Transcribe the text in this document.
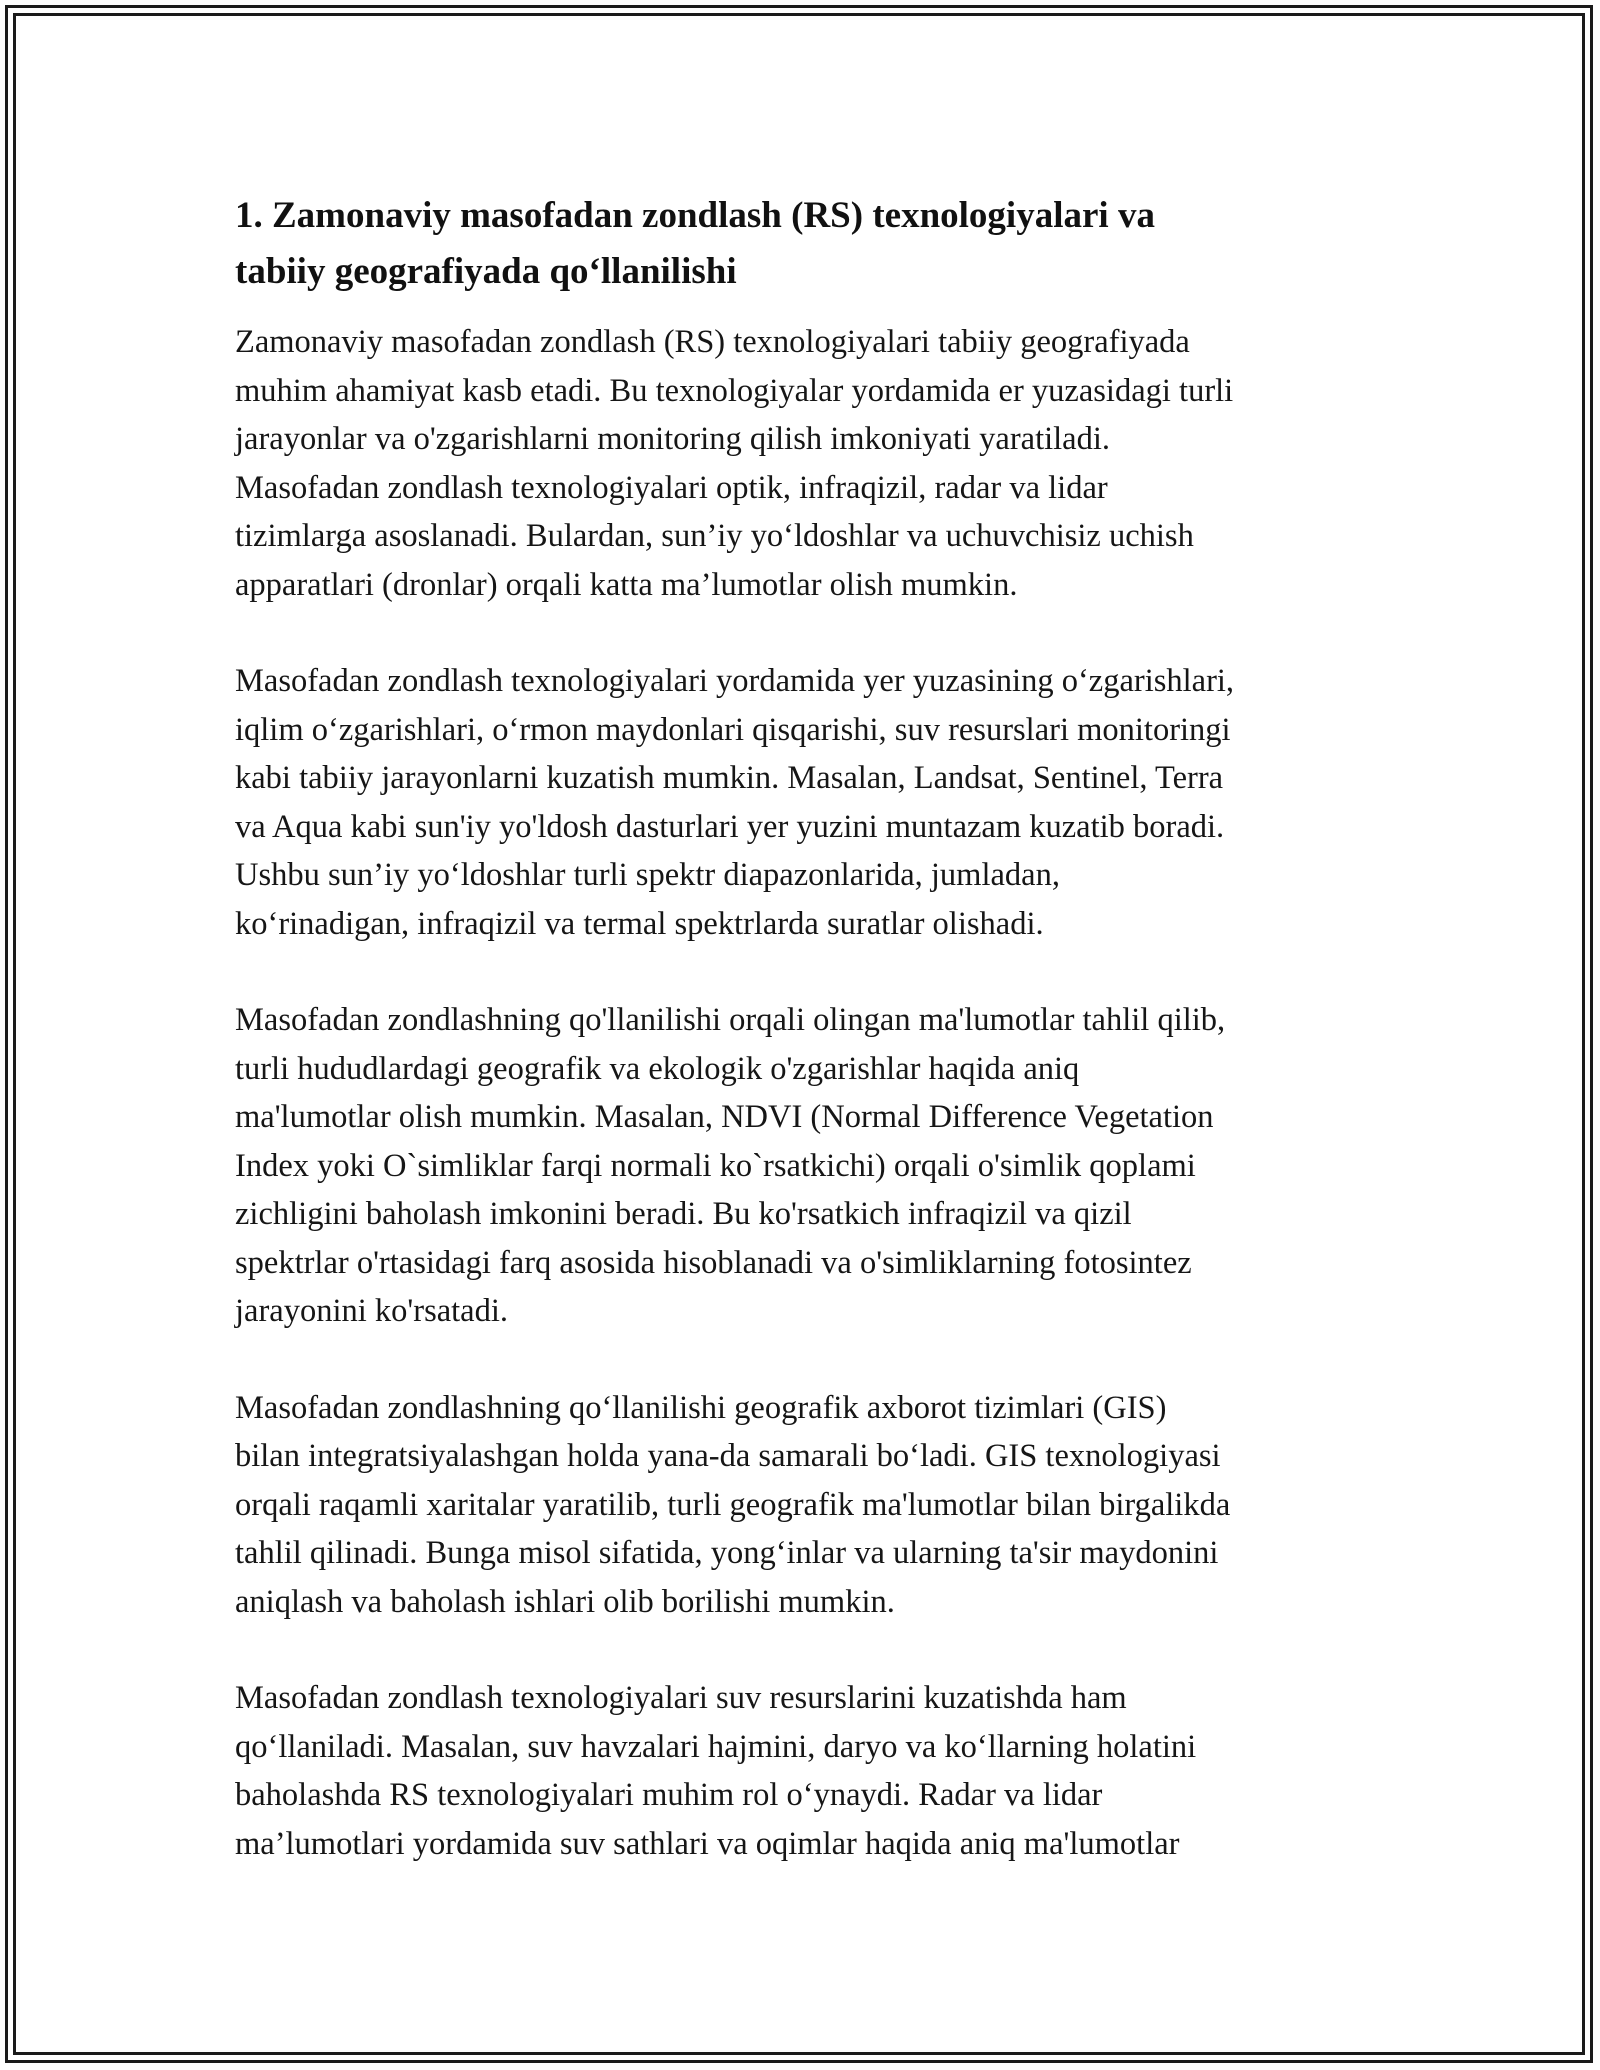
1. Zamonaviy masofadan zondlash (RS) texnologiyalari va
tabiiy geografiyada qo‘llanilishi

Zamonaviy masofadan zondlash (RS) texnologiyalari tabiiy geografiyada
muhim ahamiyat kasb etadi. Bu texnologiyalar yordamida er yuzasidagi turli
jarayonlar va o'zgarishlarni monitoring qilish imkoniyati yaratiladi.
Masofadan zondlash texnologiyalari optik, infraqizil, radar va lidar
tizimlarga asoslanadi. Bulardan, sun’iy yo‘ldoshlar va uchuvchisiz uchish
apparatlari (dronlar) orqali katta ma’lumotlar olish mumkin.

Masofadan zondlash texnologiyalari yordamida yer yuzasining o‘zgarishlari,
iqlim o‘zgarishlari, o‘rmon maydonlari qisqarishi, suv resurslari monitoringi
kabi tabiiy jarayonlarni kuzatish mumkin. Masalan, Landsat, Sentinel, Terra
va Aqua kabi sun'iy yo'ldosh dasturlari yer yuzini muntazam kuzatib boradi.
Ushbu sun’iy yo‘ldoshlar turli spektr diapazonlarida, jumladan,
ko‘rinadigan, infraqizil va termal spektrlarda suratlar olishadi.

Masofadan zondlashning qo'llanilishi orqali olingan ma'lumotlar tahlil qilib,
turli hududlardagi geografik va ekologik o'zgarishlar haqida aniq
ma'lumotlar olish mumkin. Masalan, NDVI (Normal Difference Vegetation
Index yoki O`simliklar farqi normali ko`rsatkichi) orqali o'simlik qoplami
zichligini baholash imkonini beradi. Bu ko'rsatkich infraqizil va qizil
spektrlar o'rtasidagi farq asosida hisoblanadi va o'simliklarning fotosintez
jarayonini ko'rsatadi.

Masofadan zondlashning qo‘llanilishi geografik axborot tizimlari (GIS)
bilan integratsiyalashgan holda yana-da samarali bo‘ladi. GIS texnologiyasi
orqali raqamli xaritalar yaratilib, turli geografik ma'lumotlar bilan birgalikda
tahlil qilinadi. Bunga misol sifatida, yong‘inlar va ularning ta'sir maydonini
aniqlash va baholash ishlari olib borilishi mumkin.

Masofadan zondlash texnologiyalari suv resurslarini kuzatishda ham
qo‘llaniladi. Masalan, suv havzalari hajmini, daryo va ko‘llarning holatini
baholashda RS texnologiyalari muhim rol o‘ynaydi. Radar va lidar
ma’lumotlari yordamida suv sathlari va oqimlar haqida aniq ma'lumotlar
